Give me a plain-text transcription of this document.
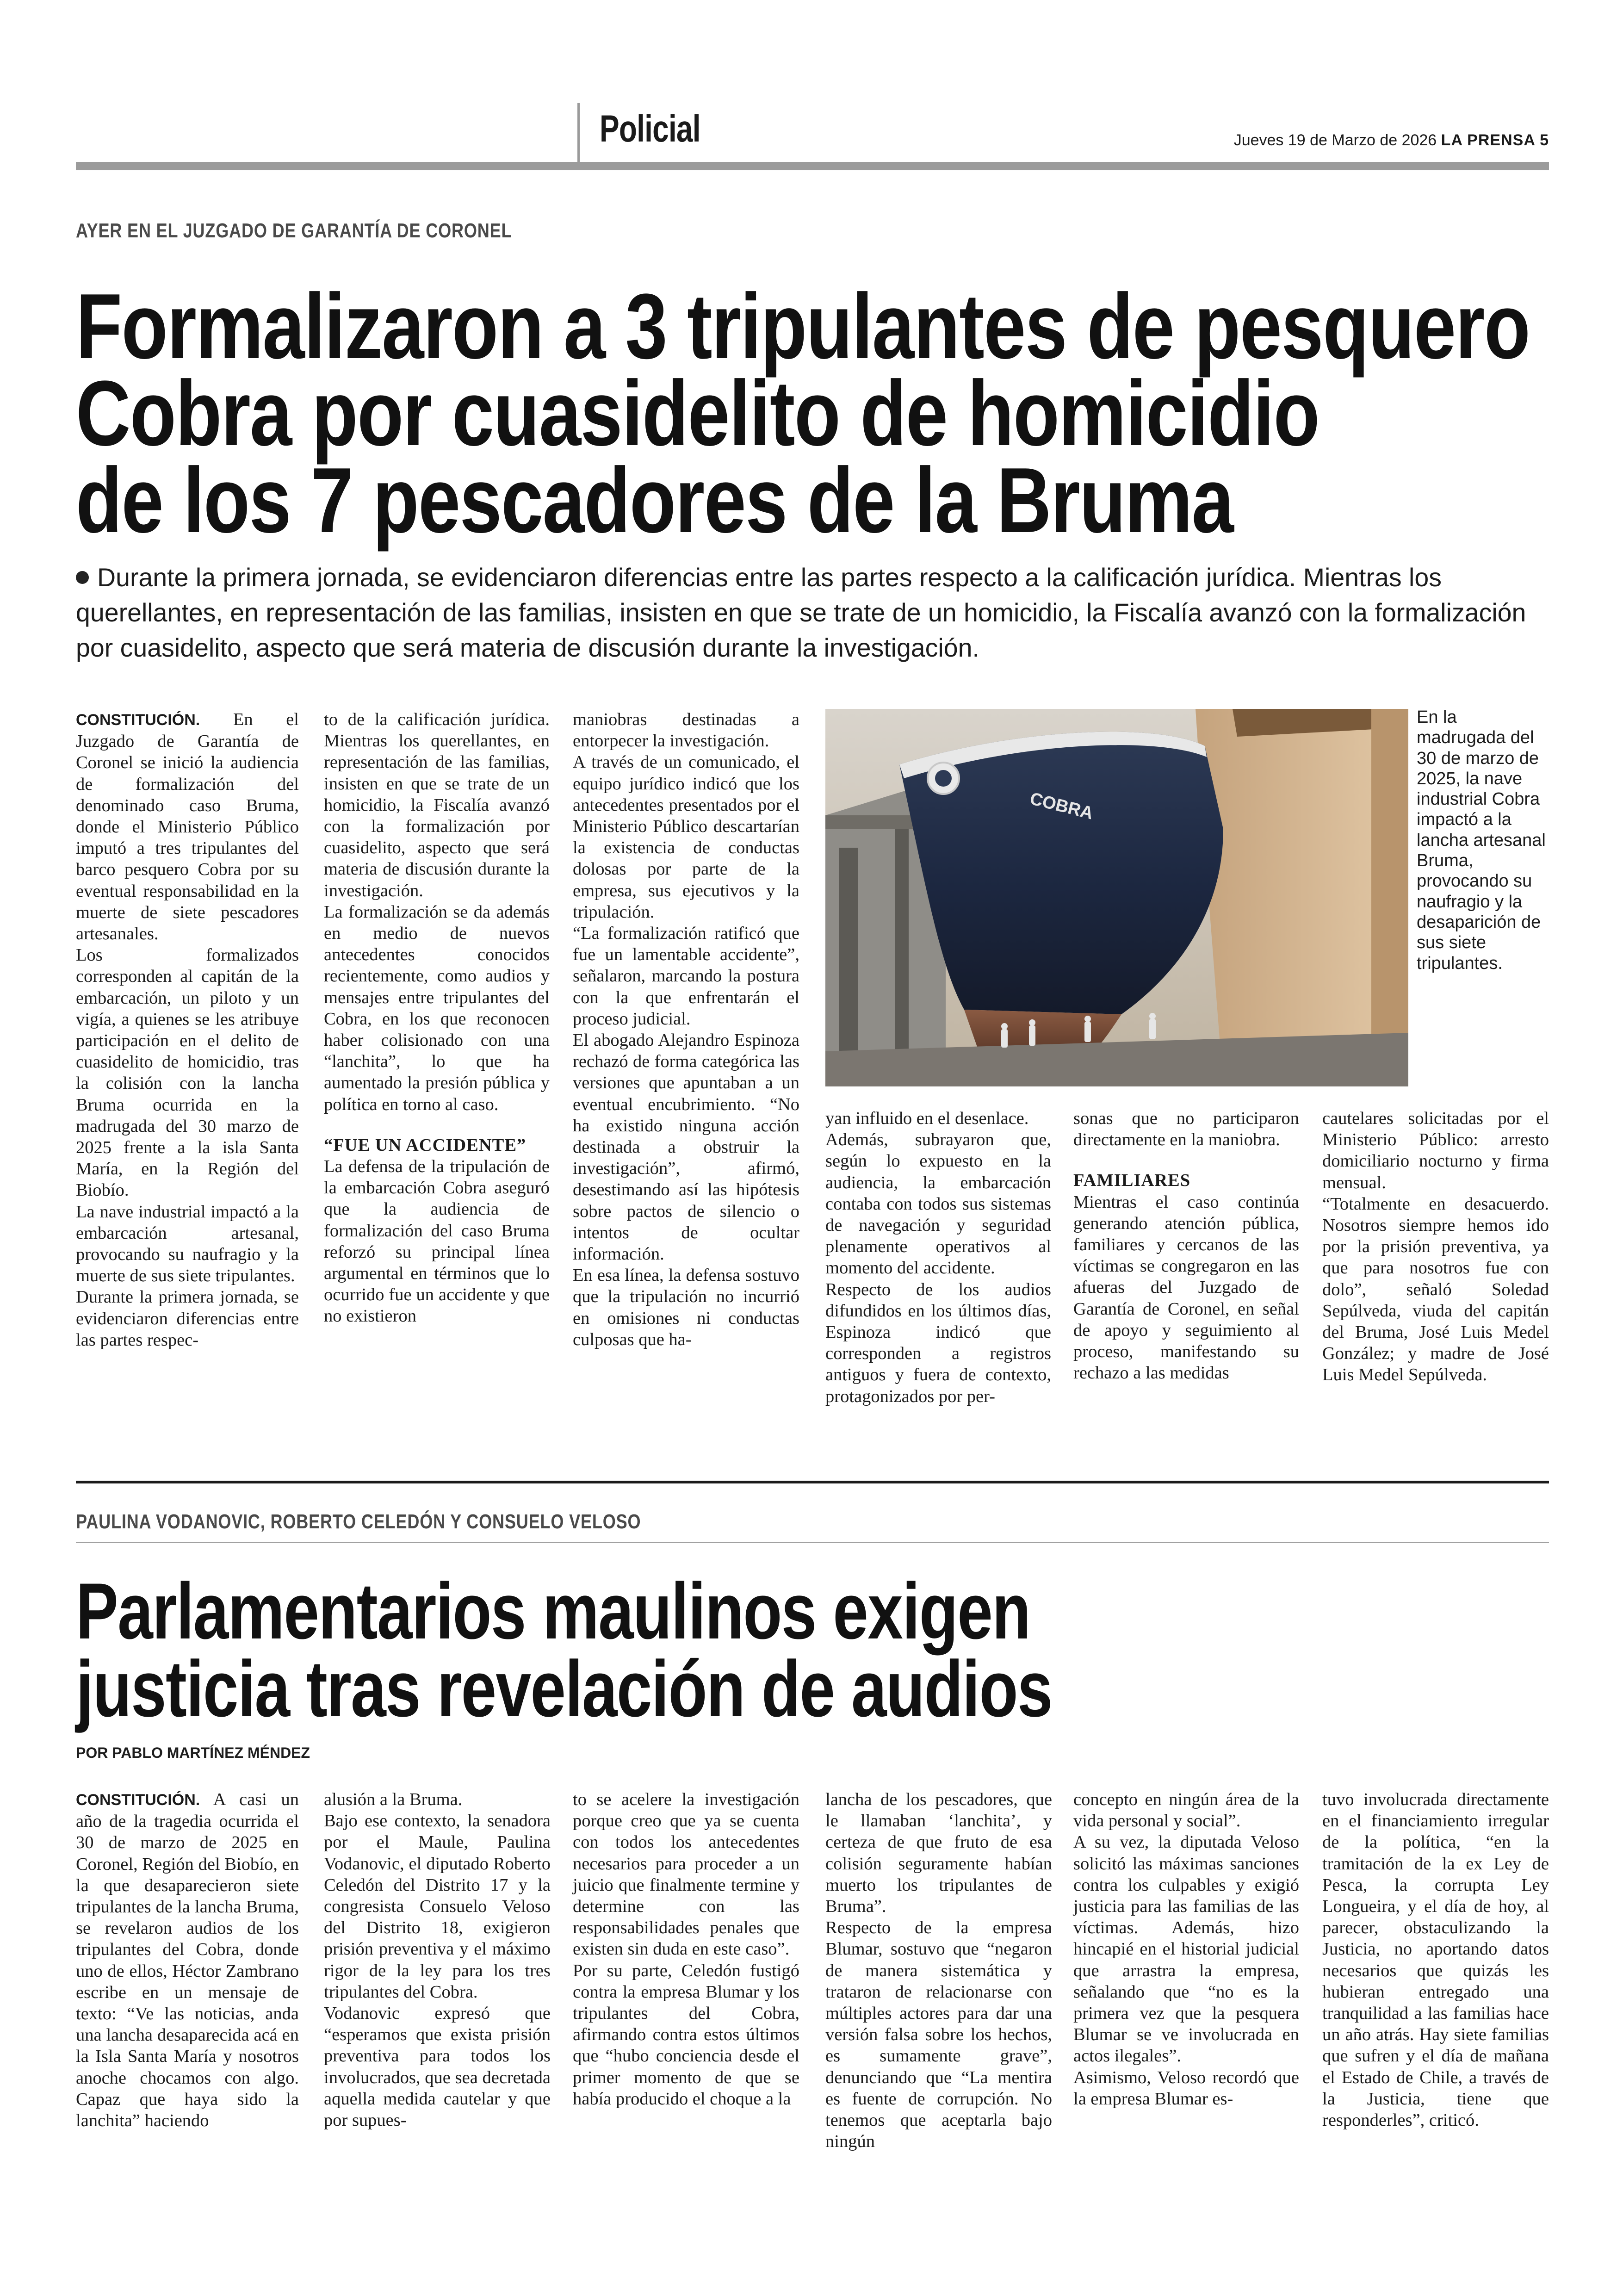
Policial	Jueves 19 de Marzo de 2026 LA PRENSA 5
AYER EN EL JUZGADO DE GARANTÍA DE CORONEL
Formalizaron a 3 tripulantes de pesquero
Cobra por cuasidelito de homicidio
de los 7 pescadores de la Bruma
Durante la primera jornada, se evidenciaron diferencias entre las partes respecto a la calificación jurídica. Mientras los querellantes, en representación de las familias, insisten en que se trate de un homicidio, la Fiscalía avanzó con la formalización por cuasidelito, aspecto que será materia de discusión durante la investigación.

CONSTITUCIÓN. En el Juzgado de Garantía de Coronel se inició la audiencia de formalización del denominado caso Bruma, donde el Ministerio Público imputó a tres tripulantes del barco pesquero Cobra por su eventual responsabilidad en la muerte de siete pescadores artesanales.

Los formalizados corresponden al capitán de la embarcación, un piloto y un vigía, a quienes se les atribuye participación en el delito de cuasidelito de homicidio, tras la colisión con la lancha Bruma ocurrida en la madrugada del 30 marzo de 2025 frente a la isla Santa María, en la Región del Biobío.

La nave industrial impactó a la embarcación artesanal, provocando su naufragio y la muerte de sus siete tripulantes.

Durante la primera jornada, se evidenciaron diferencias entre las partes respec-

to de la calificación jurídica. Mientras los querellantes, en representación de las familias, insisten en que se trate de un homicidio, la Fiscalía avanzó con la formalización por cuasidelito, aspecto que será materia de discusión durante la investigación.

La formalización se da además en medio de nuevos antecedentes conocidos recientemente, como audios y mensajes entre tripulantes del Cobra, en los que reconocen haber colisionado con una “lanchita”, lo que ha aumentado la presión pública y política en torno al caso.

“FUE UN ACCIDENTE”

La defensa de la tripulación de la embarcación Cobra aseguró que la audiencia de formalización del caso Bruma reforzó su principal línea argumental en términos que lo ocurrido fue un accidente y que no existieron

maniobras destinadas a entorpecer la investigación.

A través de un comunicado, el equipo jurídico indicó que los antecedentes presentados por el Ministerio Público descartarían la existencia de conductas dolosas por parte de la empresa, sus ejecutivos y la tripulación.

“La formalización ratificó que fue un lamentable accidente”, señalaron, marcando la postura con la que enfrentarán el proceso judicial.

El abogado Alejandro Espinoza rechazó de forma categórica las versiones que apuntaban a un eventual encubrimiento. “No ha existido ninguna acción destinada a obstruir la investigación”, afirmó, desestimando así las hipótesis sobre pactos de silencio o intentos de ocultar información.

En esa línea, la defensa sostuvo que la tripulación no incurrió en omisiones ni conductas culposas que ha-

COBRA
En la madrugada del 30 de marzo de 2025, la nave industrial Cobra impactó a la lancha artesanal Bruma, provocando su naufragio y la desaparición de sus siete tripulantes.

yan influido en el desenlace.

Además, subrayaron que, según lo expuesto en la audiencia, la embarcación contaba con todos sus sistemas de navegación y seguridad plenamente operativos al momento del accidente.

Respecto de los audios difundidos en los últimos días, Espinoza indicó que corresponden a registros antiguos y fuera de contexto, protagonizados por per-

sonas que no participaron directamente en la maniobra.

FAMILIARES

Mientras el caso continúa generando atención pública, familiares y cercanos de las víctimas se congregaron en las afueras del Juzgado de Garantía de Coronel, en señal de apoyo y seguimiento al proceso, manifestando su rechazo a las medidas

cautelares solicitadas por el Ministerio Público: arresto domiciliario nocturno y firma mensual.

“Totalmente en desacuerdo. Nosotros siempre hemos ido por la prisión preventiva, ya que para nosotros fue con dolo”, señaló Soledad Sepúlveda, viuda del capitán del Bruma, José Luis Medel González; y madre de José Luis Medel Sepúlveda.

PAULINA VODANOVIC, ROBERTO CELEDÓN Y CONSUELO VELOSO
Parlamentarios maulinos exigen
justicia tras revelación de audios
POR PABLO MARTÍNEZ MÉNDEZ

CONSTITUCIÓN. A casi un año de la tragedia ocurrida el 30 de marzo de 2025 en Coronel, Región del Biobío, en la que desaparecieron siete tripulantes de la lancha Bruma, se revelaron audios de los tripulantes del Cobra, donde uno de ellos, Héctor Zambrano escribe en un mensaje de texto: “Ve las noticias, anda una lancha desaparecida acá en la Isla Santa María y nosotros anoche chocamos con algo. Capaz que haya sido la lanchita” haciendo

alusión a la Bruma.

Bajo ese contexto, la senadora por el Maule, Paulina Vodanovic, el diputado Roberto Celedón del Distrito 17 y la congresista Consuelo Veloso del Distrito 18, exigieron prisión preventiva y el máximo rigor de la ley para los tres tripulantes del Cobra.

Vodanovic expresó que “esperamos que exista prisión preventiva para todos los involucrados, que sea decretada aquella medida cautelar y que por supues-

to se acelere la investigación porque creo que ya se cuenta con todos los antecedentes necesarios para proceder a un juicio que finalmente termine y determine con las responsabilidades penales que existen sin duda en este caso”.

Por su parte, Celedón fustigó contra la empresa Blumar y los tripulantes del Cobra, afirmando contra estos últimos que “hubo conciencia desde el primer momento de que se había producido el choque a la

lancha de los pescadores, que le llamaban ‘lanchita’, y certeza de que fruto de esa colisión seguramente habían muerto los tripulantes de Bruma”.

Respecto de la empresa Blumar, sostuvo que “negaron de manera sistemática y trataron de relacionarse con múltiples actores para dar una versión falsa sobre los hechos, es sumamente grave”, denunciando que “La mentira es fuente de corrupción. No tenemos que aceptarla bajo ningún

concepto en ningún área de la vida personal y social”.

A su vez, la diputada Veloso solicitó las máximas sanciones contra los culpables y exigió justicia para las familias de las víctimas. Además, hizo hincapié en el historial judicial que arrastra la empresa, señalando que “no es la primera vez que la pesquera Blumar se ve involucrada en actos ilegales”.

Asimismo, Veloso recordó que la empresa Blumar es-

tuvo involucrada directamente en el financiamiento irregular de la política, “en la tramitación de la ex Ley de Pesca, la corrupta Ley Longueira, y el día de hoy, al parecer, obstaculizando la Justicia, no aportando datos necesarios que quizás les hubieran entregado una tranquilidad a las familias hace un año atrás. Hay siete familias que sufren y el día de mañana el Estado de Chile, a través de la Justicia, tiene que responderles”, criticó.
